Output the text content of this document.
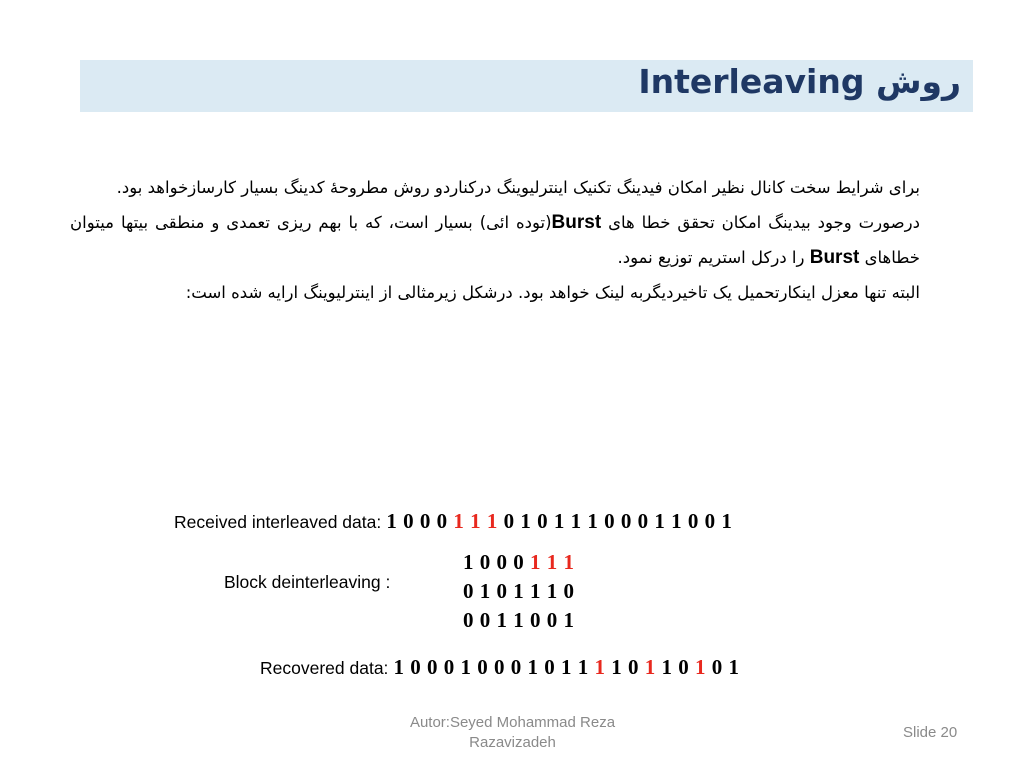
Interleaving روش

برای شرایط سخت کانال نظیر امکان فیدینگ تکنیک اینترلیوینگ درکناردو روش مطروحهٔ کدینگ بسیار کارسازخواهد بود.

درصورت وجود بیدینگ امکان تحقق خطا های Burst(توده ائی) بسیار است، که با بهم ریزی تعمدی و منطقی بیتها میتوان خطاهای Burst را درکل استریم توزیع نمود.

البته تنها معزل اینکارتحمیل یک تاخیردیگربه لینک خواهد بود. درشکل زیرمثالی از اینترلیوینگ ارایه شده است:

Received interleaved data: 1 0 0 0 1 1 1 0 1 0 1 1 1 0 0 0 1 1 0 0 1
Block deinterleaving :
1 0 0 0 1 1 1
0 1 0 1 1 1 0
0 0 1 1 0 0 1
Recovered data: 1 0 0 0 1 0 0 0 1 0 1 1 1 1 0 1 1 0 1 0 1
Autor:Seyed Mohammad Reza Razavizadeh
Slide 20
